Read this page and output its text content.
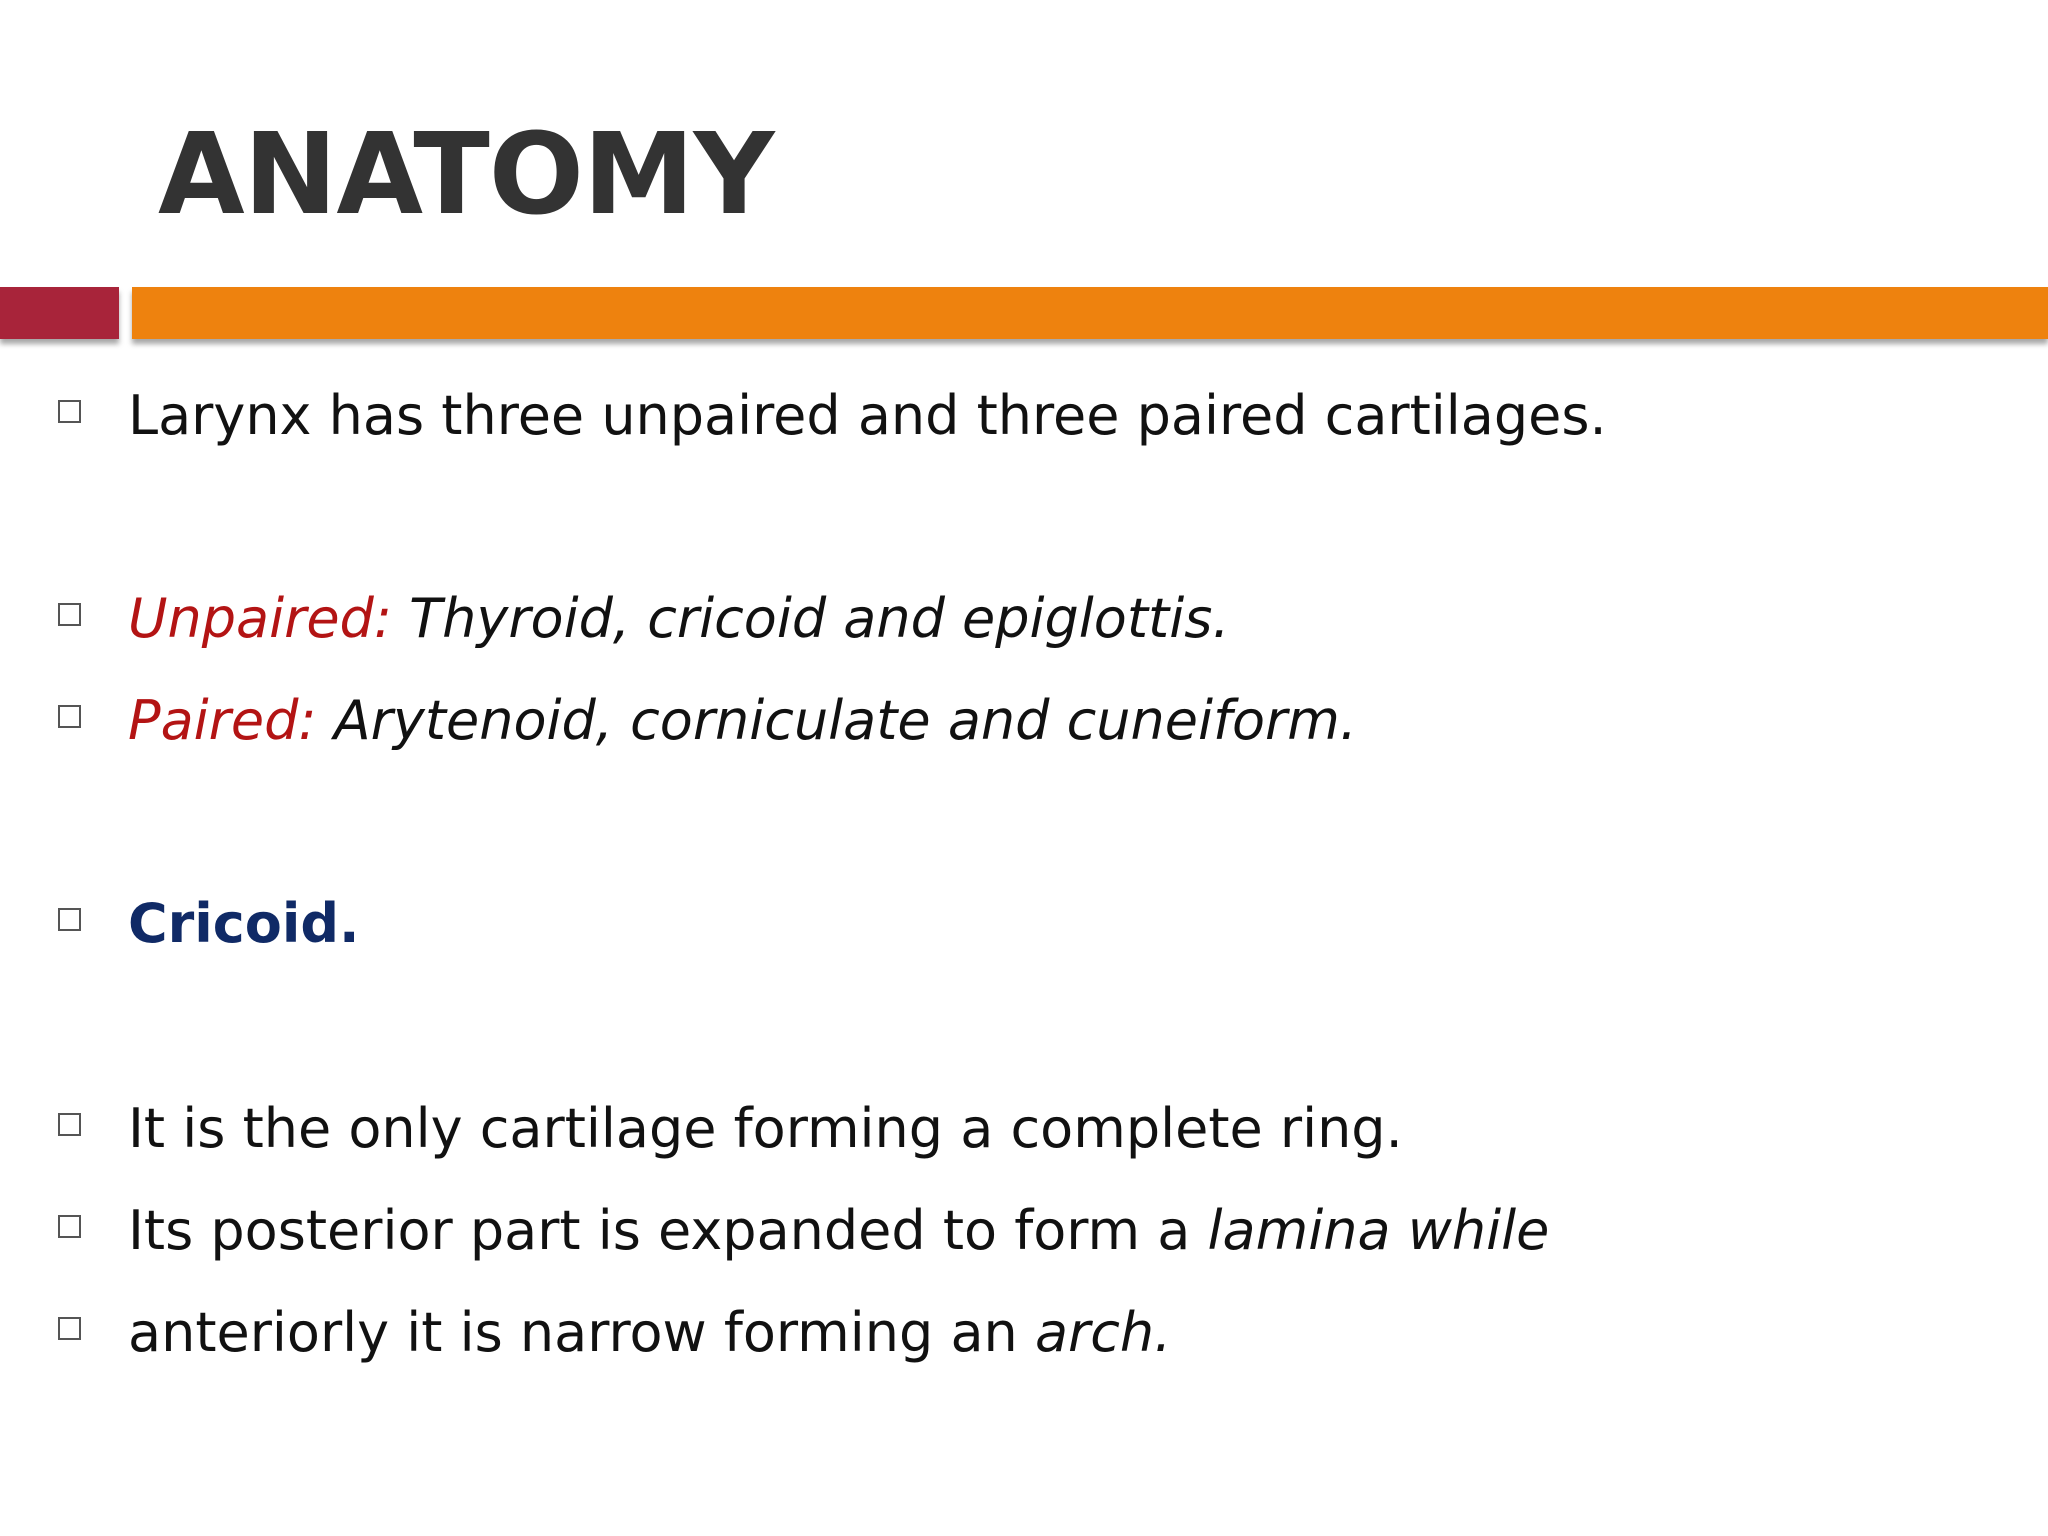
ANATOMY
Larynx has three unpaired and three paired cartilages.
Unpaired: Thyroid, cricoid and epiglottis.
Paired: Arytenoid, corniculate and cuneiform.
Cricoid.
It is the only cartilage forming a complete ring.
Its posterior part is expanded to form a lamina while
anteriorly it is narrow forming an arch.
